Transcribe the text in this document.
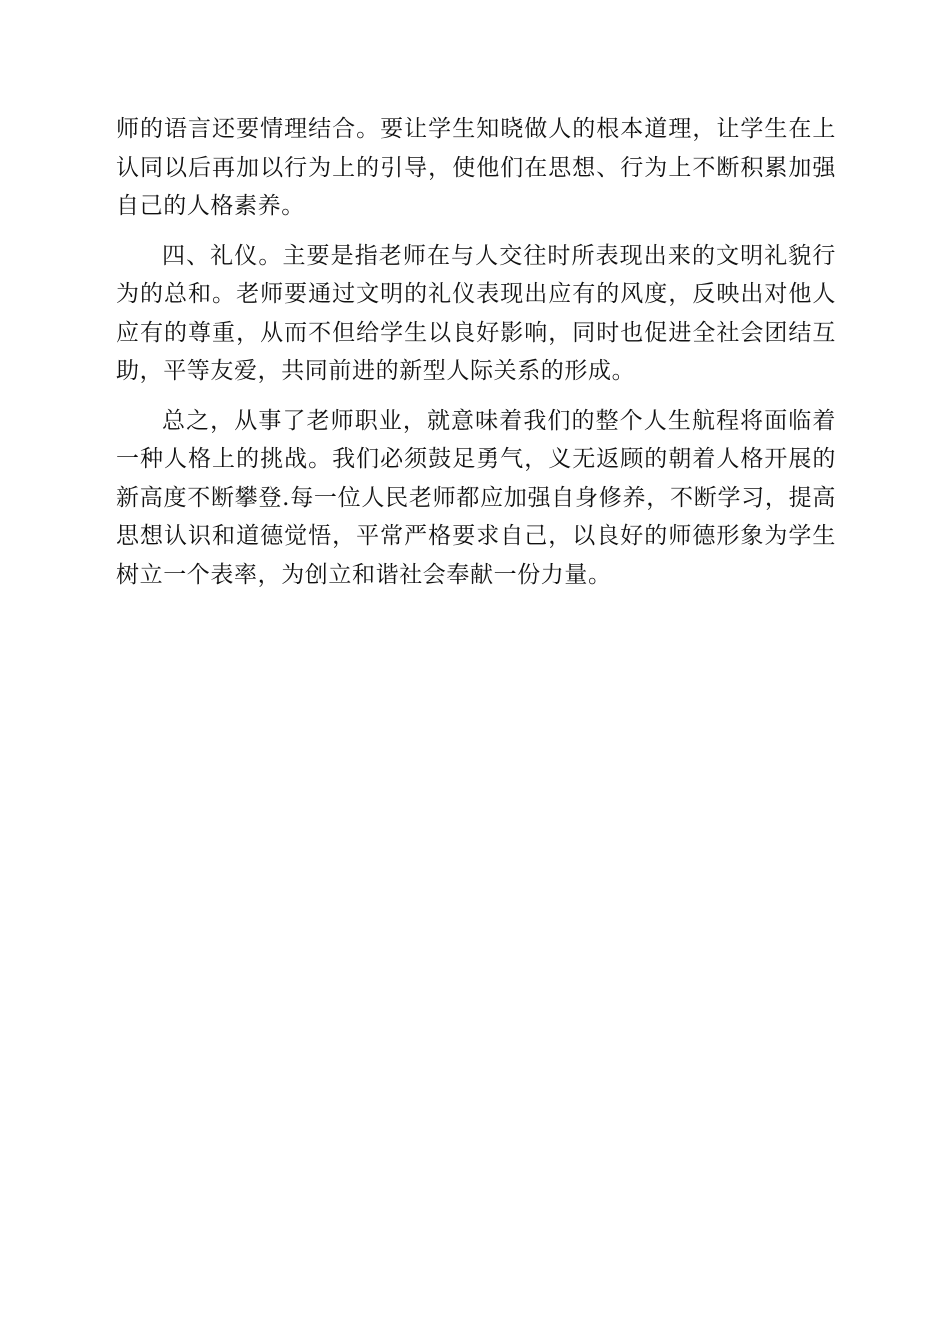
师的语言还要情理结合。要让学生知晓做人的根本道理，让学生在上认同以后再加以行为上的引导，使他们在思想、行为上不断积累加强自己的人格素养。

四、礼仪。主要是指老师在与人交往时所表现出来的文明礼貌行为的总和。老师要通过文明的礼仪表现出应有的风度，反映出对他人应有的尊重，从而不但给学生以良好影响，同时也促进全社会团结互助，平等友爱，共同前进的新型人际关系的形成。

总之，从事了老师职业，就意味着我们的整个人生航程将面临着一种人格上的挑战。我们必须鼓足勇气，义无返顾的朝着人格开展的新高度不断攀登.每一位人民老师都应加强自身修养，不断学习，提高思想认识和道德觉悟，平常严格要求自己，以良好的师德形象为学生树立一个表率，为创立和谐社会奉献一份力量。
